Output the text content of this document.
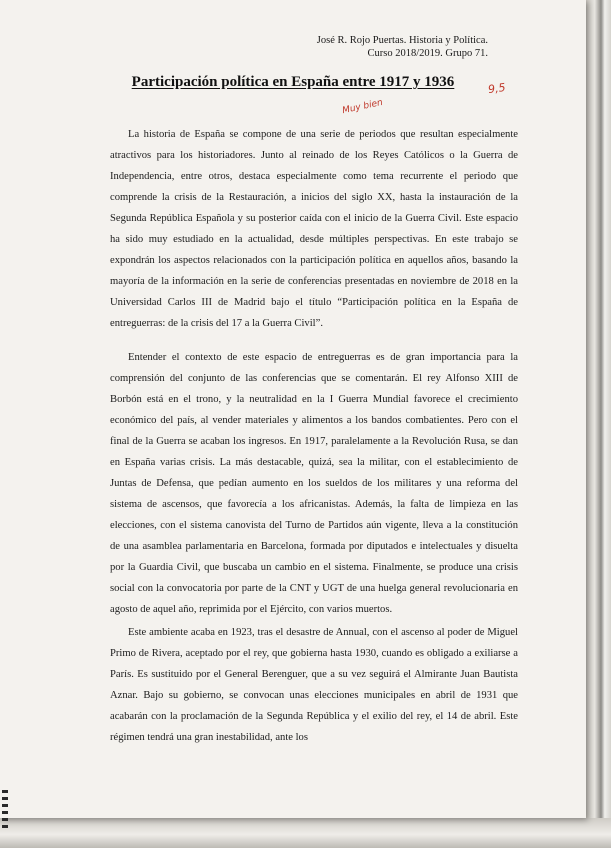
José R. Rojo Puertas. Historia y Política.
Curso 2018/2019. Grupo 71.
Participación política en España entre 1917 y 1936	9,5
Muy bien

La historia de España se compone de una serie de periodos que resultan especialmente atractivos para los historiadores. Junto al reinado de los Reyes Católicos o la Guerra de Independencia, entre otros, destaca especialmente como tema recurrente el periodo que comprende la crisis de la Restauración, a inicios del siglo XX, hasta la instauración de la Segunda República Española y su posterior caída con el inicio de la Guerra Civil. Este espacio ha sido muy estudiado en la actualidad, desde múltiples perspectivas. En este trabajo se expondrán los aspectos relacionados con la participación política en aquellos años, basando la mayoría de la información en la serie de conferencias presentadas en noviembre de 2018 en la Universidad Carlos III de Madrid bajo el título “Participación política en la España de entreguerras: de la crisis del 17 a la Guerra Civil”.

Entender el contexto de este espacio de entreguerras es de gran importancia para la comprensión del conjunto de las conferencias que se comentarán. El rey Alfonso XIII de Borbón está en el trono, y la neutralidad en la I Guerra Mundial favorece el crecimiento económico del país, al vender materiales y alimentos a los bandos combatientes. Pero con el final de la Guerra se acaban los ingresos. En 1917, paralelamente a la Revolución Rusa, se dan en España varias crisis. La más destacable, quizá, sea la militar, con el establecimiento de Juntas de Defensa, que pedían aumento en los sueldos de los militares y una reforma del sistema de ascensos, que favorecía a los africanistas. Además, la falta de limpieza en las elecciones, con el sistema canovista del Turno de Partidos aún vigente, lleva a la constitución de una asamblea parlamentaria en Barcelona, formada por diputados e intelectuales y disuelta por la Guardia Civil, que buscaba un cambio en el sistema. Finalmente, se produce una crisis social con la convocatoria por parte de la CNT y UGT de una huelga general revolucionaria en agosto de aquel año, reprimida por el Ejército, con varios muertos.

Este ambiente acaba en 1923, tras el desastre de Annual, con el ascenso al poder de Miguel Primo de Rivera, aceptado por el rey, que gobierna hasta 1930, cuando es obligado a exiliarse a París. Es sustituido por el General Berenguer, que a su vez seguirá el Almirante Juan Bautista Aznar. Bajo su gobierno, se convocan unas elecciones municipales en abril de 1931 que acabarán con la proclamación de la Segunda República y el exilio del rey, el 14 de abril. Este régimen tendrá una gran inestabilidad, ante los
